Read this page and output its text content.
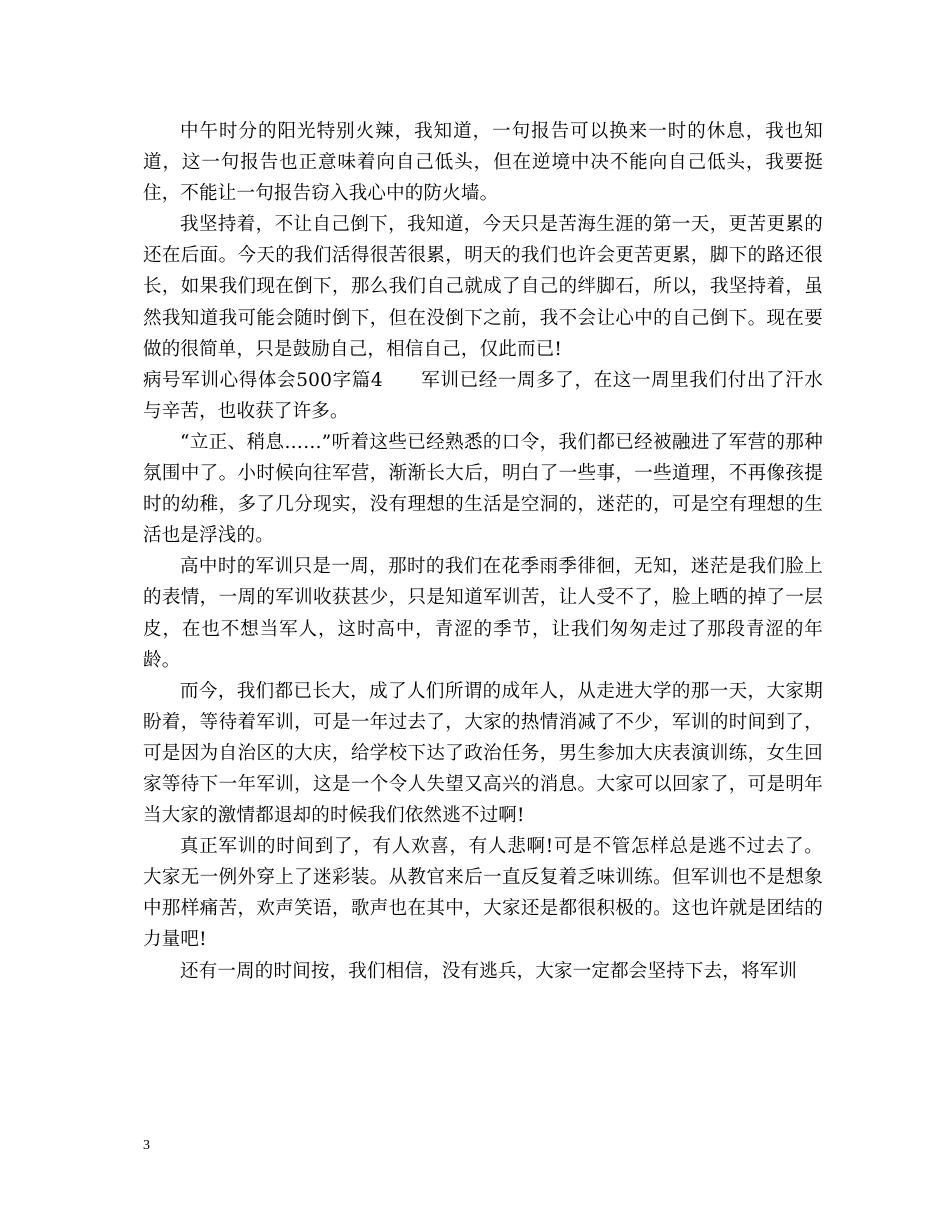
中午时分的阳光特别火辣，我知道，一句报告可以换来一时的休息，我也知道，这一句报告也正意味着向自己低头，但在逆境中决不能向自己低头，我要挺住，不能让一句报告窃入我心中的防火墙。

我坚持着，不让自己倒下，我知道，今天只是苦海生涯的第一天，更苦更累的还在后面。今天的我们活得很苦很累，明天的我们也许会更苦更累，脚下的路还很长，如果我们现在倒下，那么我们自己就成了自己的绊脚石，所以，我坚持着，虽然我知道我可能会随时倒下，但在没倒下之前，我不会让心中的自己倒下。现在要做的很简单，只是鼓励自己，相信自己，仅此而已!

病号军训心得体会500字篇4 军训已经一周多了，在这一周里我们付出了汗水与辛苦，也收获了许多。

“立正、稍息……”听着这些已经熟悉的口令，我们都已经被融进了军营的那种氛围中了。小时候向往军营，渐渐长大后，明白了一些事，一些道理，不再像孩提时的幼稚，多了几分现实，没有理想的生活是空洞的，迷茫的，可是空有理想的生活也是浮浅的。

高中时的军训只是一周，那时的我们在花季雨季徘徊，无知，迷茫是我们脸上的表情，一周的军训收获甚少，只是知道军训苦，让人受不了，脸上晒的掉了一层皮，在也不想当军人，这时高中，青涩的季节，让我们匆匆走过了那段青涩的年龄。

而今，我们都已长大，成了人们所谓的成年人，从走进大学的那一天，大家期盼着，等待着军训，可是一年过去了，大家的热情消减了不少，军训的时间到了，可是因为自治区的大庆，给学校下达了政治任务，男生参加大庆表演训练，女生回家等待下一年军训，这是一个令人失望又高兴的消息。大家可以回家了，可是明年当大家的激情都退却的时候我们依然逃不过啊!

真正军训的时间到了，有人欢喜，有人悲啊!可是不管怎样总是逃不过去了。大家无一例外穿上了迷彩装。从教官来后一直反复着乏味训练。但军训也不是想象中那样痛苦，欢声笑语，歌声也在其中，大家还是都很积极的。这也许就是团结的力量吧!

还有一周的时间按，我们相信，没有逃兵，大家一定都会坚持下去，将军训

3
